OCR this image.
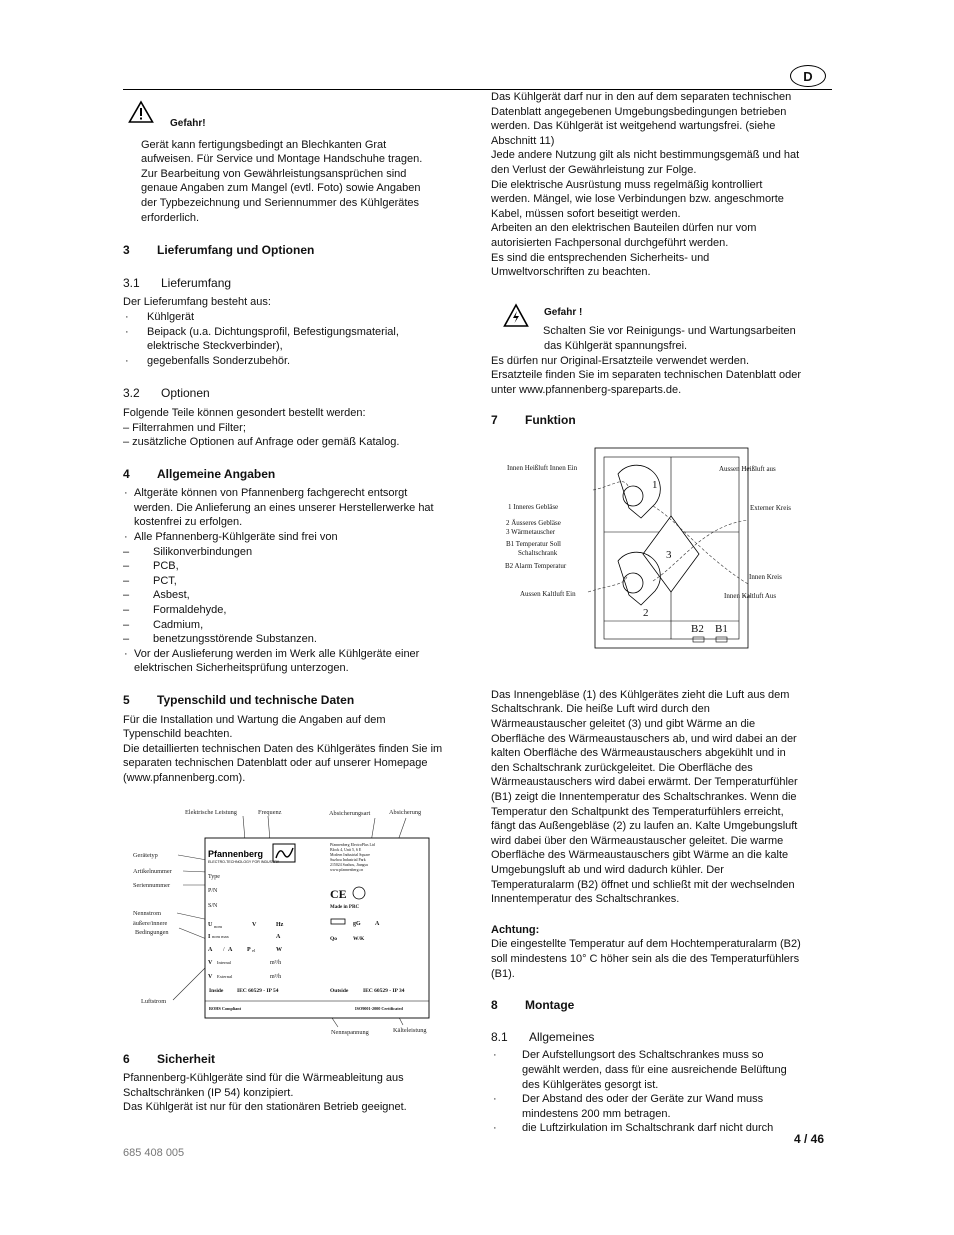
D
Gefahr!

Gerät kann fertigungsbedingt an Blechkanten Grat

aufweisen. Für Service und Montage Handschuhe tragen.

Zur Bearbeitung von Gewährleistungsansprüchen sind

genaue Angaben zum Mangel (evtl. Foto) sowie Angaben

der Typbezeichnung und Seriennummer des Kühlgerätes

erforderlich.

3	Lieferumfang und Optionen
3.1	Lieferumfang

Der Lieferumfang besteht aus:

· Kühlgerät
· Beipack (u.a. Dichtungsprofil, Befestigungsmaterial,
elektrische Steckverbinder),
· gegebenfalls Sonderzubehör.
3.2	Optionen

Folgende Teile können gesondert bestellt werden:

– Filterrahmen und Filter;

– zusätzliche Optionen auf Anfrage oder gemäß Katalog.

4	Allgemeine Angaben
· Altgeräte können von Pfannenberg fachgerecht entsorgt
werden. Die Anlieferung an eines unserer Herstellerwerke hat
kostenfrei zu erfolgen.
· Alle Pfannenberg-Kühlgeräte sind frei von
– Silikonverbindungen
– PCB,
– PCT,
– Asbest,
– Formaldehyde,
– Cadmium,
– benetzungsstörende Substanzen.
· Vor der Auslieferung werden im Werk alle Kühlgeräte einer
elektrischen Sicherheitsprüfung unterzogen.
5	Typenschild und technische Daten

Für die Installation und Wartung die Angaben auf dem

Typenschild beachten.

Die detaillierten technischen Daten des Kühlgerätes finden Sie im

separaten technischen Datenblatt oder auf unserer Homepage

(www.pfannenberg.com).

Elektrische Leistung	Frequenz	Absicherungsart	Absicherung
Gerätetyp
Artikelnummer
Seriennummer
Nennstrom
äußere/innere
Bedingungen
Luftstrom
Nennspannung	Kälteleistung
Pfannenberg
ELECTRO-TECHNOLOGY FOR INDUSTRY
Pfannenberg ElectroPlus Ltd
Block 4, Unit 5, 6 E
Modern Industrial Square
Suzhou Industrial Park
215024 Suzhou, Jiangsu
www.pfannenberg.cn
Type
P/N
S/N
U nom	V	Hz
I nom max	A
A / A P el	W
V Internal	m³/h
V External	m³/h
CE
Made in PRC
gG A
Qo	W/K
Inside IEC 60529 - IP 54	Outside	IEC 60529 - IP 34
ROHS Compliant	ISO9001-2000 Certificated
6	Sicherheit

Pfannenberg-Kühlgeräte sind für die Wärmeableitung aus

Schaltschränken (IP 54) konzipiert.

Das Kühlgerät ist nur für den stationären Betrieb geeignet.

Das Kühlgerät darf nur in den auf dem separaten technischen

Datenblatt angegebenen Umgebungsbedingungen betrieben

werden. Das Kühlgerät ist weitgehend wartungsfrei. (siehe

Abschnitt 11)

Jede andere Nutzung gilt als nicht bestimmungsgemäß und hat

den Verlust der Gewährleistung zur Folge.

Die elektrische Ausrüstung muss regelmäßig kontrolliert

werden. Mängel, wie lose Verbindungen bzw. angeschmorte

Kabel, müssen sofort beseitigt werden.

Arbeiten an den elektrischen Bauteilen dürfen nur vom

autorisierten Fachpersonal durchgeführt werden.

Es sind die entsprechenden Sicherheits- und

Umweltvorschriften zu beachten.

Gefahr !

Schalten Sie vor Reinigungs- und Wartungsarbeiten

das Kühlgerät spannungsfrei.

Es dürfen nur Original-Ersatzteile verwendet werden.

Ersatzteile finden Sie im separaten technischen Datenblatt oder

unter www.pfannenberg-spareparts.de.

7	Funktion
1
3
2
B2 B1
Innen Heißluft Innen Ein
1 Inneres Gebläse
2 Äusseres Gebläse
3 Wärmetauscher
B1 Temperatur Soll
Schaltschrank
B2 Alarm Temperatur
Aussen Kaltluft Ein
Aussen Heißluft aus
Externer Kreis
Innen Kreis
Innen Kaltluft Aus

Das Innengebläse (1) des Kühlgerätes zieht die Luft aus dem

Schaltschrank. Die heiße Luft wird durch den

Wärmeaustauscher geleitet (3) und gibt Wärme an die

Oberfläche des Wärmeaustauschers ab, und wird dabei an der

kalten Oberfläche des Wärmeaustauschers abgekühlt und in

den Schaltschrank zurückgeleitet. Die Oberfläche des

Wärmeaustauschers wird dabei erwärmt. Der Temperaturfühler

(B1) zeigt die Innentemperatur des Schaltschrankes. Wenn die

Temperatur den Schaltpunkt des Temperaturfühlers erreicht,

fängt das Außengebläse (2) zu laufen an. Kalte Umgebungsluft

wird dabei über den Wärmeaustauscher geleitet. Die warme

Oberfläche des Wärmeaustauschers gibt Wärme an die kalte

Umgebungsluft ab und wird dadurch kühler. Der

Temperaturalarm (B2) öffnet und schließt mit der wechselnden

Innentemperatur des Schaltschrankes.

Achtung:

Die eingestellte Temperatur auf dem Hochtemperaturalarm (B2)

soll mindestens 10° C höher sein als die des Temperaturfühlers

(B1).

8	Montage
8.1	Allgemeines
· Der Aufstellungsort des Schaltschrankes muss so
gewählt werden, dass für eine ausreichende Belüftung
des Kühlgerätes gesorgt ist.
· Der Abstand des oder der Geräte zur Wand muss
mindestens 200 mm betragen.
· die Luftzirkulation im Schaltschrank darf nicht durch
4 / 46
685 408 005
